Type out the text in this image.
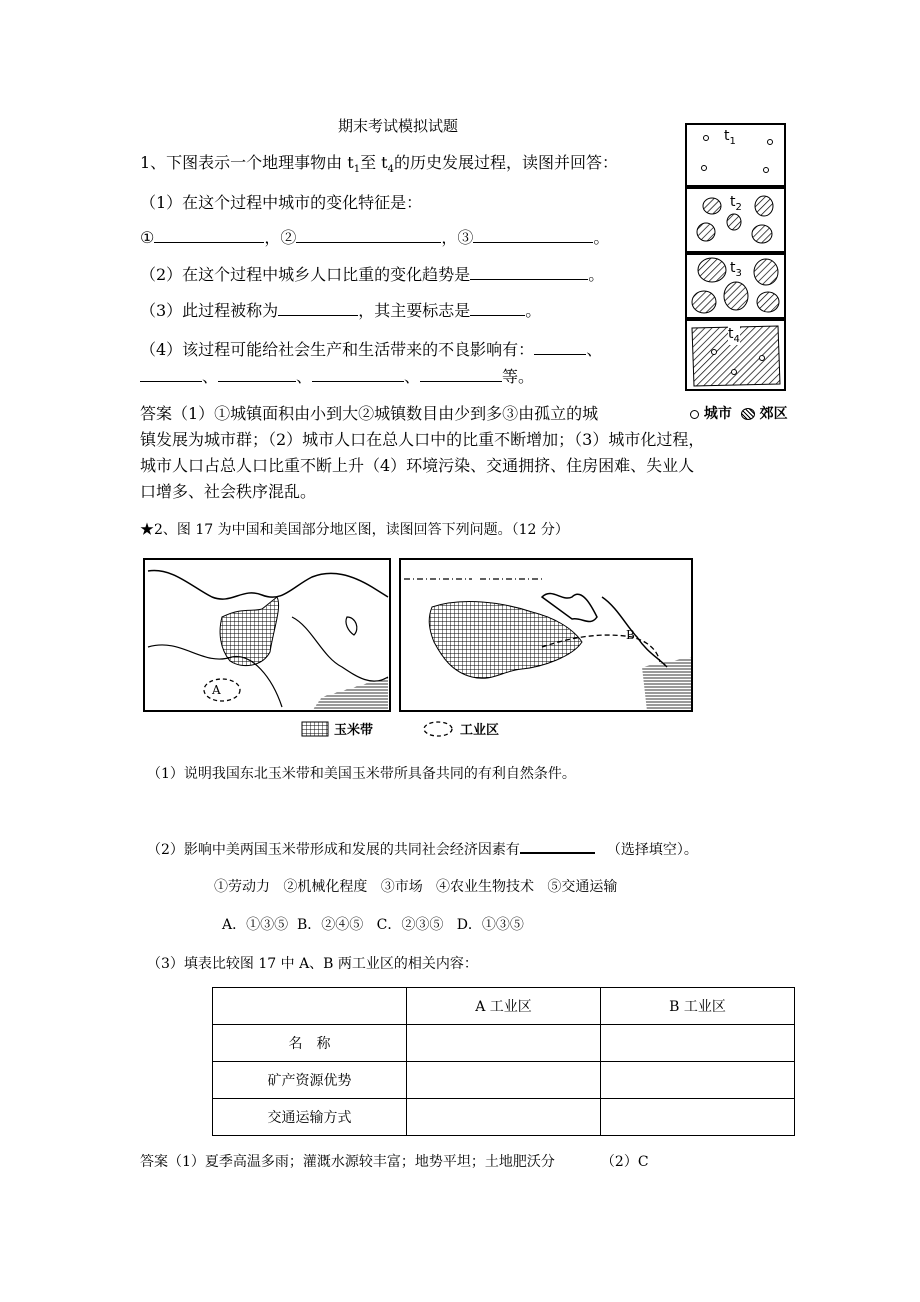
期末考试模拟试题
1、下图表示一个地理事物由 $t_1$至 $t_4$的历史发展过程，读图并回答：
（1）在这个过程中城市的变化特征是：
①	，②	，③	。
（2）在这个过程中城乡人口比重的变化趋势是	。
（3）此过程被称为	，其主要标志是	。
（4）该过程可能给社会生产和生活带来的不良影响有：	、
、	、	、	等。
答案（1）①城镇面积由小到大②城镇数目由少到多③由孤立的城
镇发展为城市群；（2）城市人口在总人口中的比重不断增加；（3）城市化过程，
城市人口占总人口比重不断上升（4）环境污染、交通拥挤、住房困难、失业人
口增多、社会秩序混乱。
$t_1$
$t_2$
$t_3$
$t_4$
城市 郊区
★2、图 17 为中国和美国部分地区图，读图回答下列问题。（12 分）
A
B
玉米带	工业区
（1）说明我国东北玉米带和美国玉米带所具备共同的有利自然条件。
（2）影响中美两国玉米带形成和发展的共同社会经济因素有	（选择填空）。
①劳动力   ②机械化程度   ③市场   ④农业生物技术   ⑤交通运输
A．①③⑤  B．②④⑤   C．②③⑤   D．①③⑤
（3）填表比较图 17 中 A、B 两工业区的相关内容：
	A 工业区	B 工业区
名　称		
矿产资源优势		
交通运输方式		
答案（1）夏季高温多雨；灌溉水源较丰富；地势平坦；土地肥沃分	（2）C
